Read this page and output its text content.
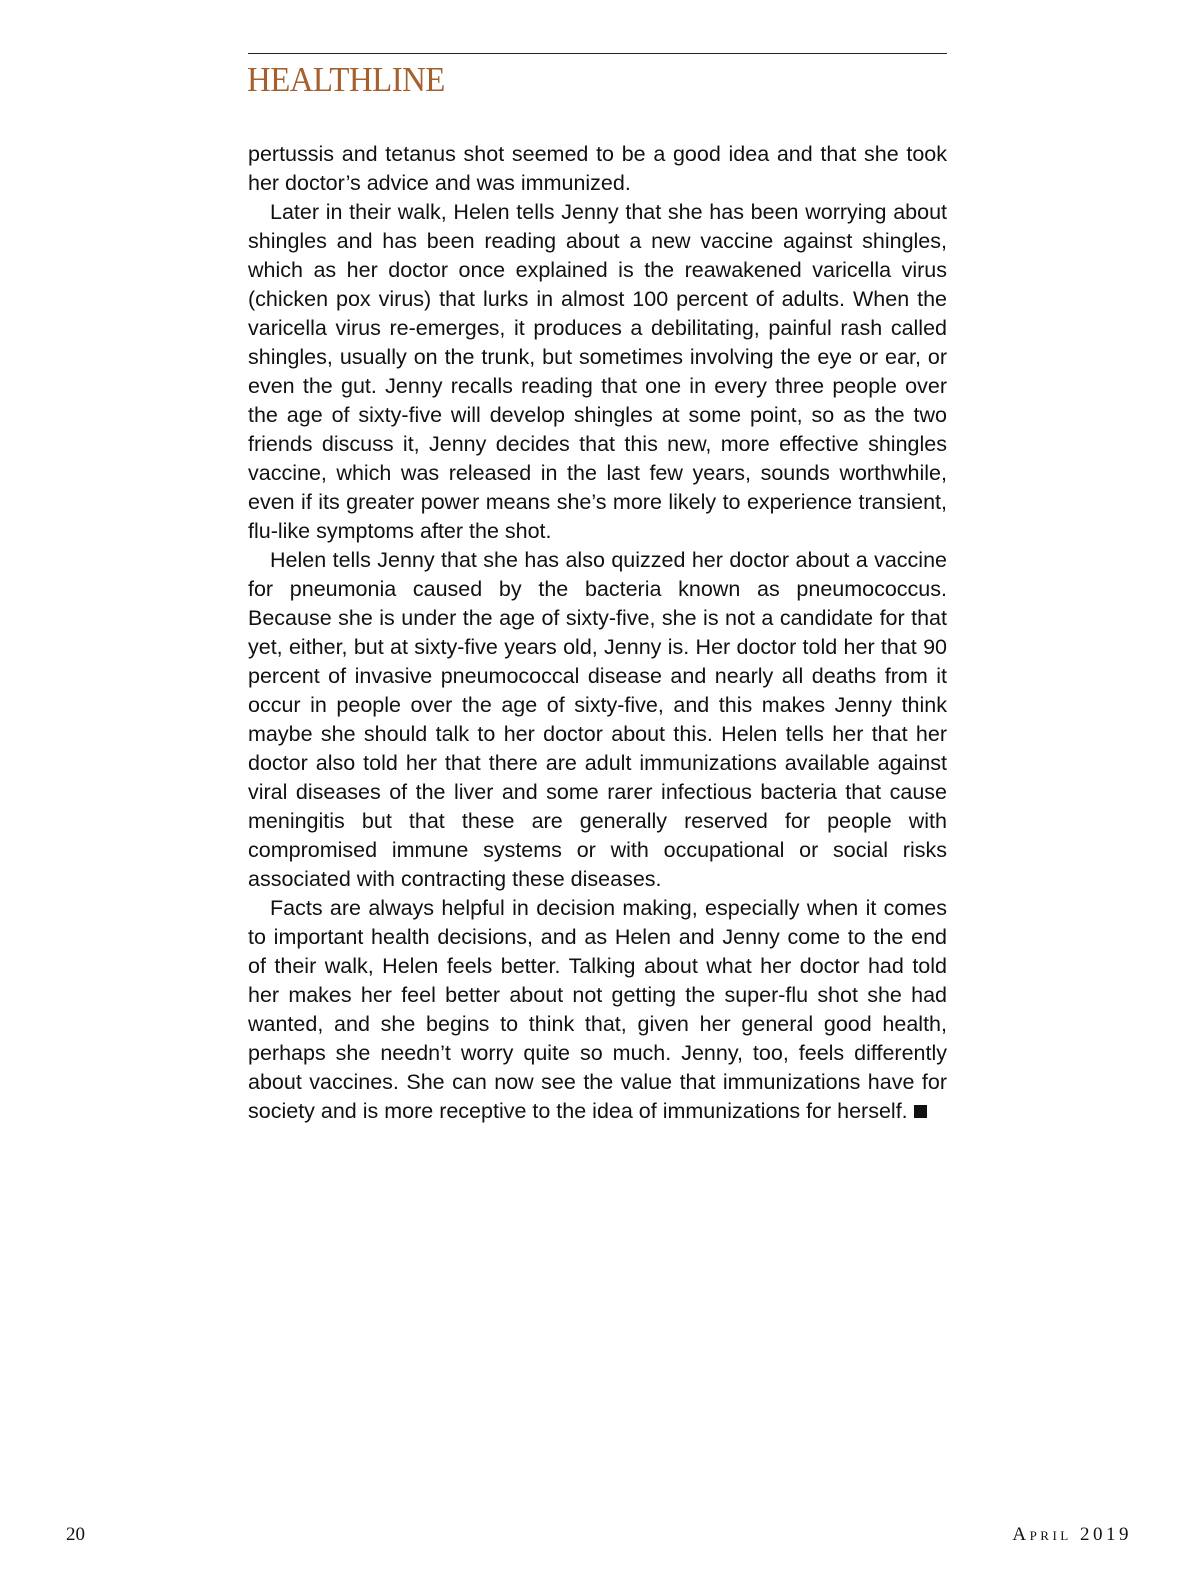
HEALTHLINE

pertussis and tetanus shot seemed to be a good idea and that she took her doctor’s advice and was immunized.

Later in their walk, Helen tells Jenny that she has been worrying about shingles and has been reading about a new vaccine against shingles, which as her doctor once explained is the reawakened varicella virus (chicken pox virus) that lurks in almost 100 percent of adults. When the varicella virus re-emerges, it produces a debilitating, painful rash called shingles, usually on the trunk, but sometimes involving the eye or ear, or even the gut. Jenny recalls reading that one in every three people over the age of sixty-five will develop shingles at some point, so as the two friends discuss it, Jenny decides that this new, more effective shingles vaccine, which was released in the last few years, sounds worthwhile, even if its greater power means she’s more likely to experience transient, flu-like symptoms after the shot.

Helen tells Jenny that she has also quizzed her doctor about a vaccine for pneumonia caused by the bacteria known as pneumococcus. Because she is under the age of sixty-five, she is not a candidate for that yet, either, but at sixty-five years old, Jenny is. Her doctor told her that 90 percent of invasive pneumococcal disease and nearly all deaths from it occur in people over the age of sixty-five, and this makes Jenny think maybe she should talk to her doctor about this. Helen tells her that her doctor also told her that there are adult immunizations available against viral diseases of the liver and some rarer infectious bacteria that cause meningitis but that these are generally reserved for people with compromised immune systems or with occupational or social risks associated with contracting these diseases.

Facts are always helpful in decision making, especially when it comes to important health decisions, and as Helen and Jenny come to the end of their walk, Helen feels better. Talking about what her doctor had told her makes her feel better about not getting the super-flu shot she had wanted, and she begins to think that, given her general good health, perhaps she needn’t worry quite so much. Jenny, too, feels differently about vaccines. She can now see the value that immunizations have for society and is more receptive to the idea of immunizations for herself.

20	April 2019
